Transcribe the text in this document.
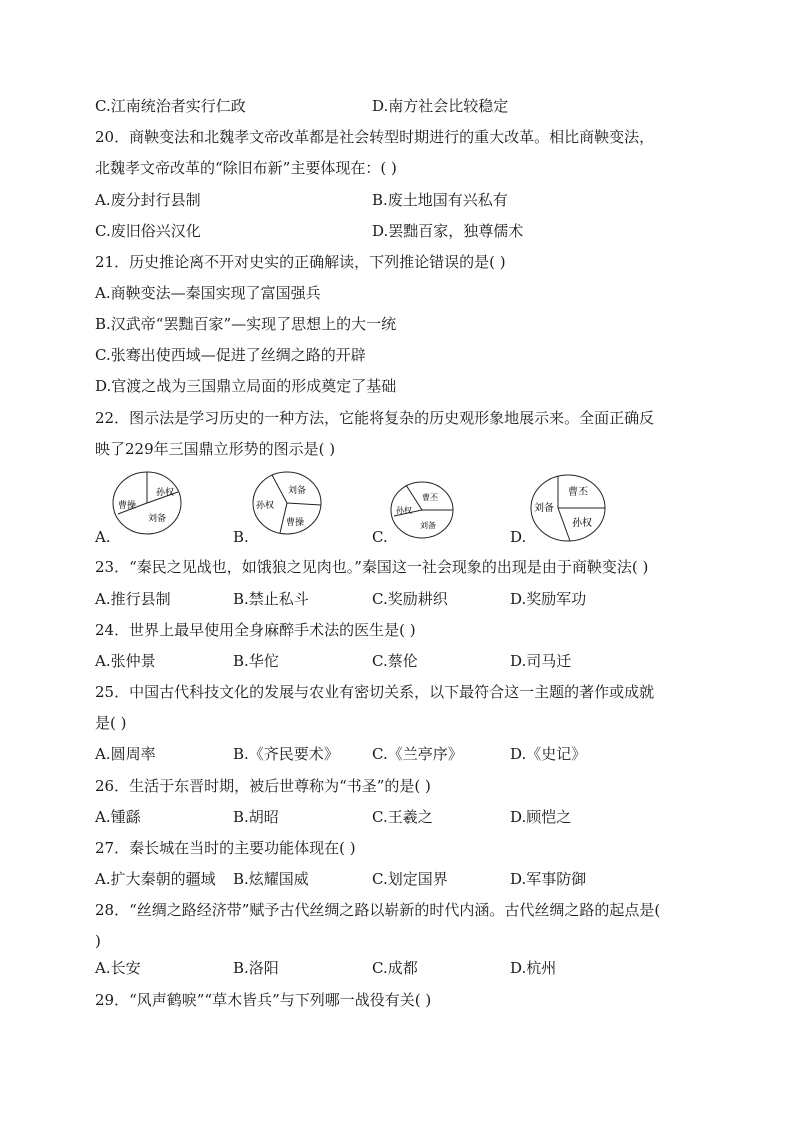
C.江南统治者实行仁政	D.南方社会比较稳定
20．商鞅变法和北魏孝文帝改革都是社会转型时期进行的重大改革。相比商鞅变法，
北魏孝文帝改革的“除旧布新”主要体现在：( )
A.废分封行县制	B.废土地国有兴私有
C.废旧俗兴汉化	D.罢黜百家，独尊儒术
21．历史推论离不开对史实的正确解读，下列推论错误的是( )
A.商鞅变法—秦国实现了富国强兵
B.汉武帝“罢黜百家”—实现了思想上的大一统
C.张骞出使西域—促进了丝绸之路的开辟
D.官渡之战为三国鼎立局面的形成奠定了基础
22．图示法是学习历史的一种方法，它能将复杂的历史观形象地展示来。全面正确反
映了229年三国鼎立形势的图示是( )
A.
孙权
曹操
刘备
B.
刘备
孙权
曹操
C.
曹丕
孙权
刘备
D.
曹丕
刘备
孙权
23．“秦民之见战也，如饿狼之见肉也。”秦国这一社会现象的出现是由于商鞅变法( )
A.推行县制	B.禁止私斗	C.奖励耕织	D.奖励军功
24．世界上最早使用全身麻醉手术法的医生是( )
A.张仲景	B.华佗	C.蔡伦	D.司马迁
25．中国古代科技文化的发展与农业有密切关系，以下最符合这一主题的著作或成就
是( )
A.圆周率	B.《齐民要术》 C.《兰亭序》	D.《史记》
26．生活于东晋时期，被后世尊称为“书圣”的是( )
A.锺繇	B.胡昭	C.王羲之	D.顾恺之
27．秦长城在当时的主要功能体现在( )
A.扩大秦朝的疆域 B.炫耀国威	C.划定国界	D.军事防御
28．“丝绸之路经济带”赋予古代丝绸之路以崭新的时代内涵。古代丝绸之路的起点是(
)
A.长安	B.洛阳	C.成都	D.杭州
29．“风声鹤唳”“草木皆兵”与下列哪一战役有关( )
